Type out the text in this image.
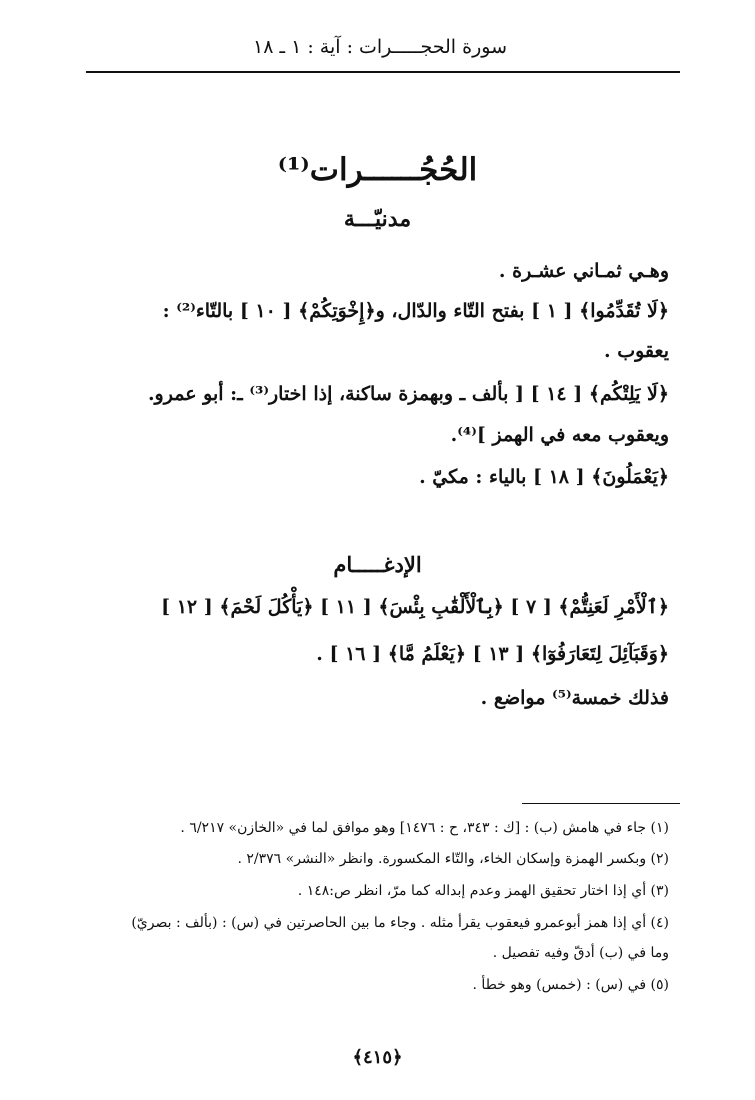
سورة الحجـــــرات : آية : ١ ـ ١٨
الحُجُــــــرات⁽¹⁾
مدنيّـــة
وهـي ثمـاني عشـرة .
﴿لَا تُقَدِّمُوا﴾ [ ١ ] بفتح التّاء والدّال، و﴿إِخْوَتِكُمْ﴾ [ ١٠ ] بالتّاء⁽²⁾ :
يعقوب .
﴿لَا يَلِتْكُم﴾ [ ١٤ ] [ بألف ـ وبهمزة ساكنة، إذا اختار⁽³⁾ ـ: أبو عمرو.
ويعقوب معه في الهمز ]⁽⁴⁾.
﴿يَعْمَلُونَ﴾ [ ١٨ ] بالياء : مكيّ .
الإدغـــــام
﴿ٱلْأَمْرِ لَعَنِتُّمْ﴾ [ ٧ ] ﴿بِٱلْأَلْقَٰبِ بِئْسَ﴾ [ ١١ ] ﴿يَأْكُلَ لَحْمَ﴾ [ ١٢ ]
﴿وَقَبَآئِلَ لِتَعَارَفُوٓا﴾ [ ١٣ ] ﴿يَعْلَمُ مَّا﴾ [ ١٦ ] .
فذلك خمسة⁽⁵⁾ مواضع .
(١) جاء في هامش (ب) : [ك : ٣٤٣، ح : ١٤٧٦] وهو موافق لما في «الخازن» ٦/٢١٧ .
(٢) وبكسر الهمزة وإسكان الخاء، والتّاء المكسورة. وانظر «النشر» ٢/٣٧٦ .
(٣) أي إذا اختار تحقيق الهمز وعدم إبداله كما مرّ، انظر ص:١٤٨ .
(٤) أي إذا همز أبوعمرو فيعقوب يقرأ مثله . وجاء ما بين الحاصرتين في (س) : (بألف : بصريّ)
وما في (ب) أدقّ وفيه تفصيل .
(٥) في (س) : (خمس) وهو خطأ .
﴿٤١٥﴾
